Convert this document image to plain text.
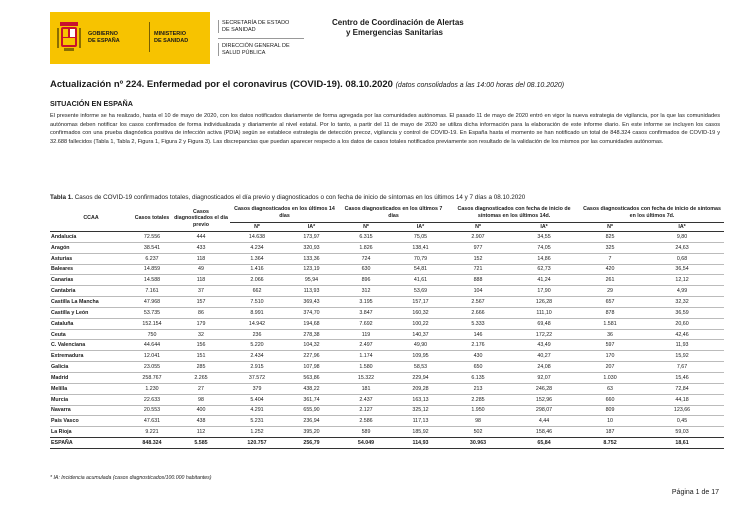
GOBIERNO
DE ESPAÑA
MINISTERIO
DE SANIDAD
SECRETARÍA DE ESTADO
DE SANIDAD
DIRECCIÓN GENERAL DE
SALUD PÚBLICA
Centro de Coordinación de Alertas
y Emergencias Sanitarias
Actualización nº 224. Enfermedad por el coronavirus (COVID-19). 08.10.2020 (datos consolidados a las 14:00 horas del 08.10.2020)
SITUACIÓN EN ESPAÑA
El presente informe se ha realizado, hasta el 10 de mayo de 2020, con los datos notificados diariamente de forma agregada por las comunidades autónomas. El pasado 11 de mayo de 2020 entró en vigor la nueva estrategia de vigilancia, por la que las comunidades autónomas deben notificar los casos confirmados de forma individualizada y diariamente al nivel estatal. Por lo tanto, a partir del 11 de mayo de 2020 se utiliza dicha información para la elaboración de este informe diario. En este informe se incluyen los casos confirmados con una prueba diagnóstica positiva de infección activa (PDIA) según se establece estrategia de detección precoz, vigilancia y control de COVID-19. En España hasta el momento se han notificado un total de 848.324 casos confirmados de COVID-19 y 32.688 fallecidos (Tabla 1, Tabla 2, Figura 1, Figura 2 y Figura 3). Las discrepancias que puedan aparecer respecto a los datos de casos totales notificados previamente son resultado de la validación de los mismos por las comunidades autónomas.
Tabla 1. Casos de COVID-19 confirmados totales, diagnosticados el día previo y diagnosticados o con fecha de inicio de síntomas en los últimos 14 y 7 días a 08.10.2020
CCAA	Casos totales	Casos diagnosticados el día previo	Casos diagnosticados en los últimos 14 días		Casos diagnosticados en los últimos 7 días		Casos diagnosticados con fecha de inicio de síntomas en los últimos 14d.		Casos diagnosticados con fecha de inicio de síntomas en los últimos 7d.	
			Nº	IA*	Nº	IA*	Nº	IA*	Nº	IA*
Andalucía	72.556	444	14.638	173,97	6.315	75,05	2.907	34,55	825	9,80
Aragón	38.541	433	4.234	320,93	1.826	138,41	977	74,05	325	24,63
Asturias	6.237	118	1.364	133,36	724	70,79	152	14,86	7	0,68
Baleares	14.859	49	1.416	123,19	630	54,81	721	62,73	420	36,54
Canarias	14.588	118	2.066	95,94	896	41,61	888	41,24	261	12,12
Cantabria	7.161	37	662	113,93	312	53,69	104	17,90	29	4,99
Castilla La Mancha	47.968	157	7.510	369,43	3.195	157,17	2.567	126,28	657	32,32
Castilla y León	53.735	86	8.991	374,70	3.847	160,32	2.666	111,10	878	36,59
Cataluña	152.154	179	14.942	194,68	7.692	100,22	5.333	69,48	1.581	20,60
Ceuta	750	32	236	278,38	119	140,37	146	172,22	36	42,46
C. Valenciana	44.644	156	5.220	104,32	2.497	49,90	2.176	43,49	597	11,93
Extremadura	12.041	151	2.434	227,96	1.174	109,95	430	40,27	170	15,92
Galicia	23.055	285	2.915	107,98	1.580	58,53	650	24,08	207	7,67
Madrid	258.767	2.265	37.572	563,86	15.322	229,94	6.135	92,07	1.030	15,46
Melilla	1.230	27	379	438,22	181	209,28	213	246,28	63	72,84
Murcia	22.633	98	5.404	361,74	2.437	163,13	2.285	152,96	660	44,18
Navarra	20.553	400	4.291	655,90	2.127	325,12	1.950	298,07	809	123,66
País Vasco	47.631	438	5.231	236,94	2.586	117,13	98	4,44	10	0,45
La Rioja	9.221	112	1.252	395,20	589	185,92	502	158,46	187	59,03
ESPAÑA	848.324	5.585	120.757	256,79	54.049	114,93	30.963	65,84	8.752	18,61
* IA: Incidencia acumulada (casos diagnosticados/100.000 habitantes)
Página 1 de 17
